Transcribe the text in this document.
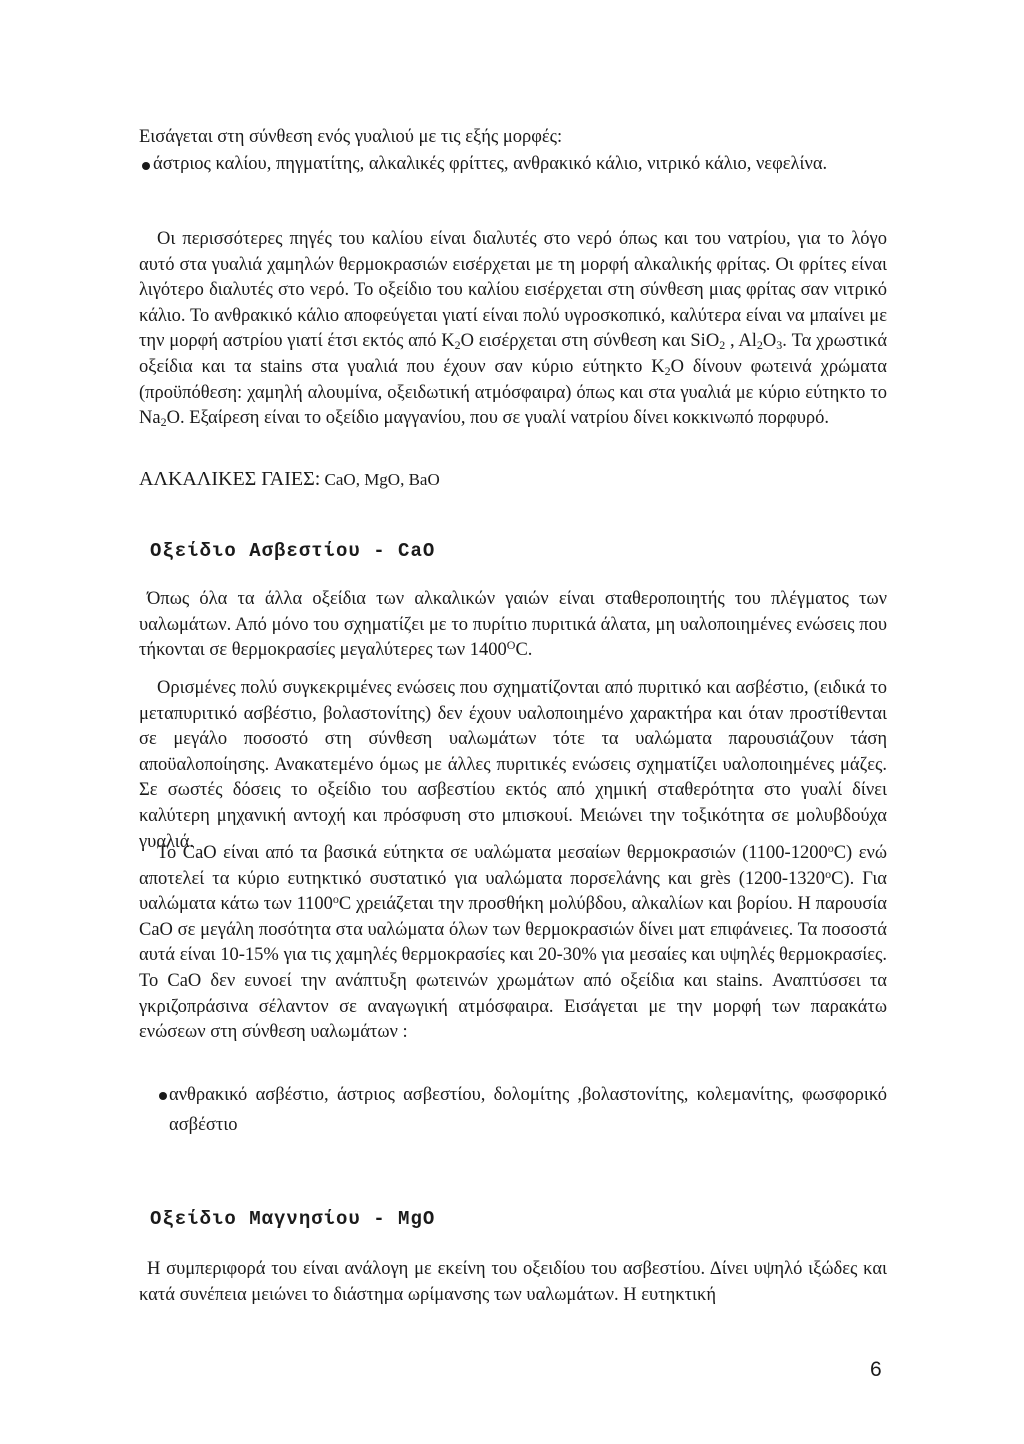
Εισάγεται στη σύνθεση ενός γυαλιού με τις εξής μορφές:

άστριος καλίου, πηγματίτης, αλκαλικές φρίττες, ανθρακικό κάλιο, νιτρικό κάλιο, νεφελίνα.

Οι περισσότερες πηγές του καλίου είναι διαλυτές στο νερό όπως και του νατρίου, για το λόγο αυτό στα γυαλιά χαμηλών θερμοκρασιών εισέρχεται με τη μορφή αλκαλικής φρίτας. Οι φρίτες είναι λιγότερο διαλυτές στο νερό. Το οξείδιο του καλίου εισέρχεται στη σύνθεση μιας φρίτας σαν νιτρικό κάλιο. Το ανθρακικό κάλιο αποφεύγεται γιατί είναι πολύ υγροσκοπικό, καλύτερα είναι να μπαίνει με την μορφή αστρίου γιατί έτσι εκτός από $K_2O$ εισέρχεται στη σύνθεση και SiO$_2$ , $Al_2O_3$. Τα χρωστικά οξείδια και τα stains στα γυαλιά που έχουν σαν κύριο εύτηκτο $K_2O$ δίνουν φωτεινά χρώματα (προϋπόθεση: χαμηλή αλουμίνα, οξειδωτική ατμόσφαιρα) όπως και στα γυαλιά με κύριο εύτηκτο το $Na_2O$. Εξαίρεση είναι το οξείδιο μαγγανίου, που σε γυαλί νατρίου δίνει κοκκινωπό πορφυρό.

ΑΛΚΑΛΙΚΕΣ ΓΑΙΕΣ: CaO, MgO, BaO
Οξείδιο Ασβεστίου - CaO

Όπως όλα τα άλλα οξείδια των αλκαλικών γαιών είναι σταθεροποιητής του πλέγματος των υαλωμάτων. Από μόνο του σχηματίζει με το πυρίτιο πυριτικά άλατα, μη υαλοποιημένες ενώσεις που τήκονται σε θερμοκρασίες μεγαλύτερες των $1400^OC$.

Ορισμένες πολύ συγκεκριμένες ενώσεις που σχηματίζονται από πυριτικό και ασβέστιο, (ειδικά το μεταπυριτικό ασβέστιο, βολαστονίτης) δεν έχουν υαλοποιημένο χαρακτήρα και όταν προστίθενται σε μεγάλο ποσοστό στη σύνθεση υαλωμάτων τότε τα υαλώματα παρουσιάζουν τάση αποϋαλοποίησης. Ανακατεμένο όμως με άλλες πυριτικές ενώσεις σχηματίζει υαλοποιημένες μάζες. Σε σωστές δόσεις το οξείδιο του ασβεστίου εκτός από χημική σταθερότητα στο γυαλί δίνει καλύτερη μηχανική αντοχή και πρόσφυση στο μπισκουί. Μειώνει την τοξικότητα σε μολυβδούχα γυαλιά.

Το CaO είναι από τα βασικά εύτηκτα σε υαλώματα μεσαίων θερμοκρασιών (1100-1200$^o$C) ενώ αποτελεί τα κύριο ευτηκτικό συστατικό για υαλώματα πορσελάνης και grès (1200-1320$^o$C). Για υαλώματα κάτω των 1100$^o$C χρειάζεται την προσθήκη μολύβδου, αλκαλίων και βορίου. Η παρουσία CaO σε μεγάλη ποσότητα στα υαλώματα όλων των θερμοκρασιών δίνει ματ επιφάνειες. Τα ποσοστά αυτά είναι 10-15% για τις χαμηλές θερμοκρασίες και 20-30% για μεσαίες και υψηλές θερμοκρασίες. Το CaO δεν ευνοεί την ανάπτυξη φωτεινών χρωμάτων από οξείδια και stains. Αναπτύσσει τα γκριζοπράσινα σέλαντον σε αναγωγική ατμόσφαιρα. Εισάγεται με την μορφή των παρακάτω ενώσεων στη σύνθεση υαλωμάτων :

ανθρακικό ασβέστιο, άστριος ασβεστίου, δολομίτης ,βολαστονίτης, κολεμανίτης, φωσφορικό ασβέστιο
Οξείδιο Μαγνησίου - MgO

Η συμπεριφορά του είναι ανάλογη με εκείνη του οξειδίου του ασβεστίου. Δίνει υψηλό ιξώδες και κατά συνέπεια μειώνει το διάστημα ωρίμανσης των υαλωμάτων. Η ευτηκτική

6
